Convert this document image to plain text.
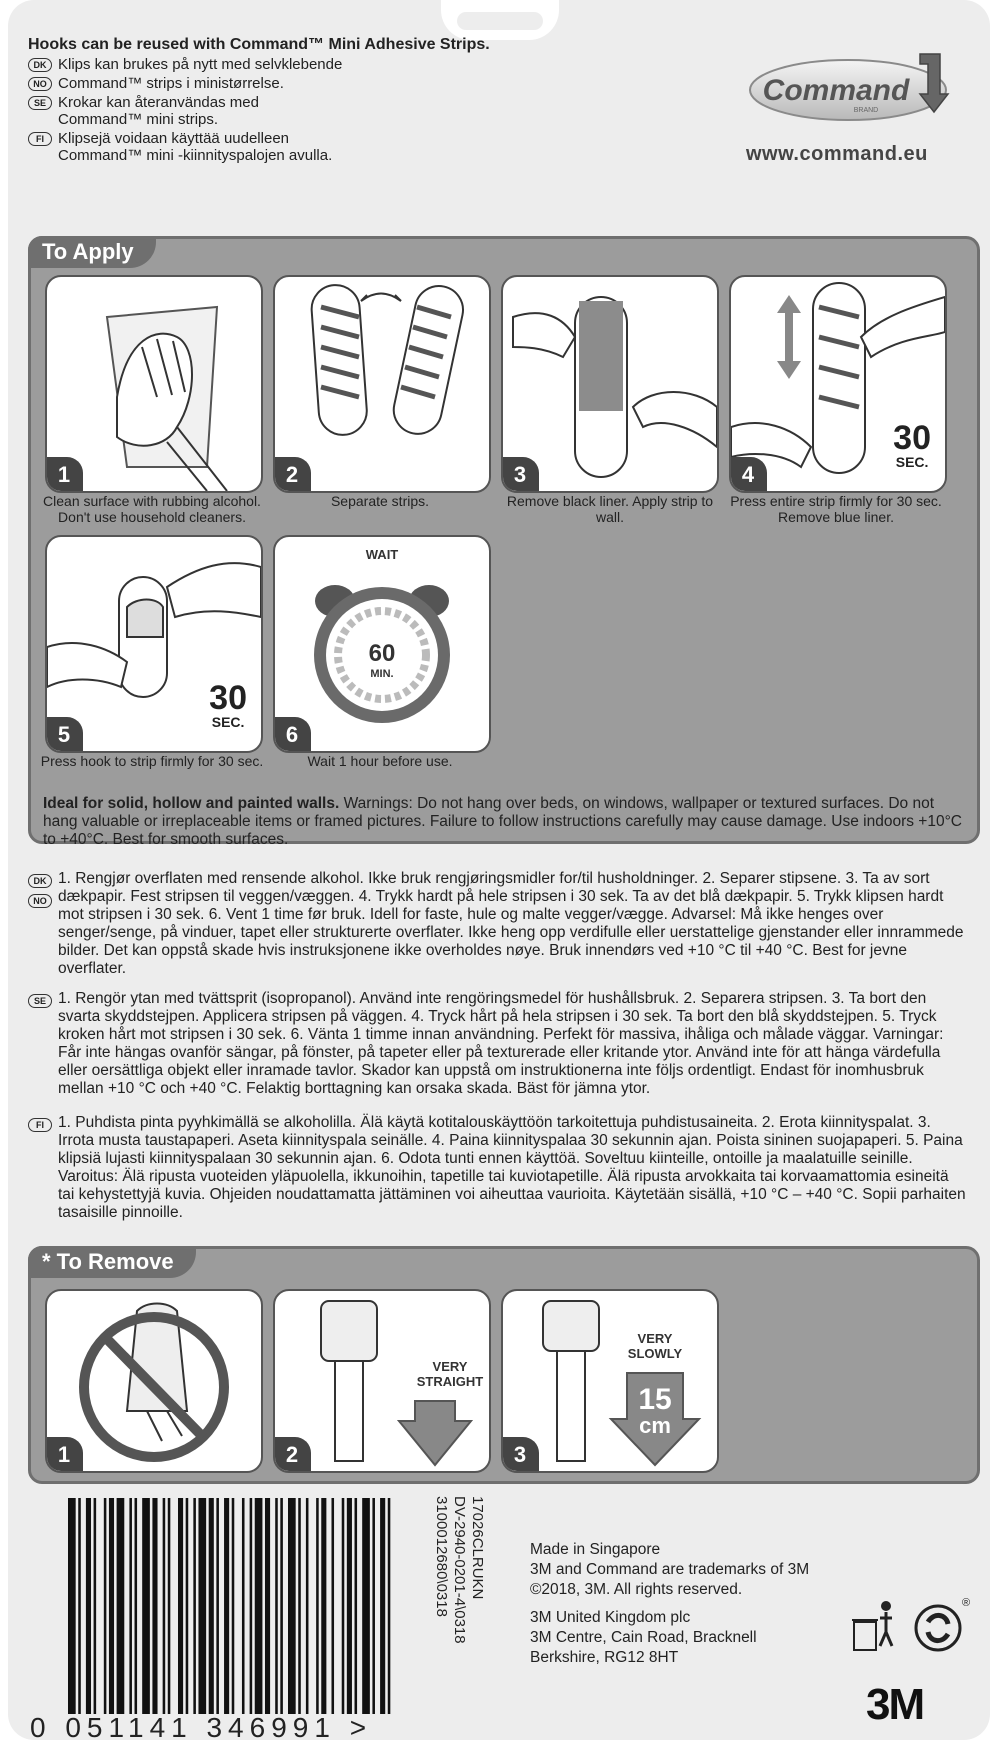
Hooks can be reused with Command™ Mini Adhesive Strips.
DK Klips kan brukes på nytt med selvklebende
NO Command™ strips i ministørrelse.
SE Krokar kan återanvändas med
Command™ mini strips.
FI Klipsejä voidaan käyttää uudelleen
Command™ mini -kiinnityspalojen avulla.
Command
BRAND
www.command.eu
To Apply
1	2	3
30
SEC.
4
Clean surface with rubbing alcohol. Don't use household cleaners.
Separate strips.	Remove black liner. Apply strip to wall.
Press entire strip firmly for 30 sec. Remove blue liner.
30
SEC.
5
WAIT
60
MIN.
6
Press hook to strip firmly for 30 sec.	Wait 1 hour before use.
Ideal for solid, hollow and painted walls. Warnings: Do not hang over beds, on windows, wallpaper or textured surfaces. Do not hang valuable or irreplaceable items or framed pictures. Failure to follow instructions carefully may cause damage. Use indoors +10°C to +40°C. Best for smooth surfaces.
DK
NO
1. Rengjør overflaten med rensende alkohol. Ikke bruk rengjøringsmidler for/til husholdninger. 2. Separer stipsene. 3. Ta av sort dækpapir. Fest stripsen til veggen/væggen. 4. Trykk hardt på hele stripsen i 30 sek. Ta av det blå dækpapir. 5. Trykk klipsen hardt mot stripsen i 30 sek. 6. Vent 1 time før bruk. Idell for faste, hule og malte vegger/vægge. Advarsel: Må ikke henges over senger/senge, på vinduer, tapet eller strukturerte overflater. Ikke heng opp verdifulle eller uerstattelige gjenstander eller innrammede bilder. Det kan oppstå skade hvis instruksjonene ikke overholdes nøye. Bruk innendørs ved +10 °C til +40 °C. Best for jevne overflater.
SE 1. Rengör ytan med tvättsprit (isopropanol). Använd inte rengöringsmedel för hushållsbruk. 2. Separera stripsen. 3. Ta bort den svarta skyddstejpen. Applicera stripsen på väggen. 4. Tryck hårt på hela stripsen i 30 sek. Ta bort den blå skyddstejpen. 5. Tryck kroken hårt mot stripsen i 30 sek. 6. Vänta 1 timme innan användning. Perfekt för massiva, ihåliga och målade väggar. Varningar: Får inte hängas ovanför sängar, på fönster, på tapeter eller på texturerade eller kritande ytor. Använd inte för att hänga värdefulla eller oersättliga objekt eller inramade tavlor. Skador kan uppstå om instruktionerna inte följs ordentligt. Endast för inomhusbruk mellan +10 °C och +40 °C. Felaktig borttagning kan orsaka skada. Bäst för jämna ytor.
FI 1. Puhdista pinta pyyhkimällä se alkoholilla. Älä käytä kotitalouskäyttöön tarkoitettuja puhdistusaineita. 2. Erota kiinnityspalat. 3. Irrota musta taustapaperi. Aseta kiinnityspala seinälle. 4. Paina kiinnityspalaa 30 sekunnin ajan. Poista sininen suojapaperi. 5. Paina klipsiä lujasti kiinnityspalaan 30 sekunnin ajan. 6. Odota tunti ennen käyttöä. Soveltuu kiinteille, ontoille ja maalatuille seinille. Varoitus: Älä ripusta vuoteiden yläpuolella, ikkunoihin, tapetille tai kuviotapetille. Älä ripusta arvokkaita tai korvaamattomia esineitä tai kehystettyjä kuvia. Ohjeiden noudattamatta jättäminen voi aiheuttaa vaurioita. Käytetään sisällä, +10 °C – +40 °C. Sopii parhaiten tasaisille pinnoille.
* To Remove
1
VERY STRAIGHT
2
15
cm
VERY SLOWLY
3
0 051141 346991 >
3100012680\0318 DV-2940-0201-4\0318 17026CLRUKN	Made in Singapore

3M and Command are trademarks of 3M

©2018, 3M. All rights reserved.

3M United Kingdom plc

3M Centre, Cain Road, Bracknell

Berkshire, RG12 8HT

®
3M
